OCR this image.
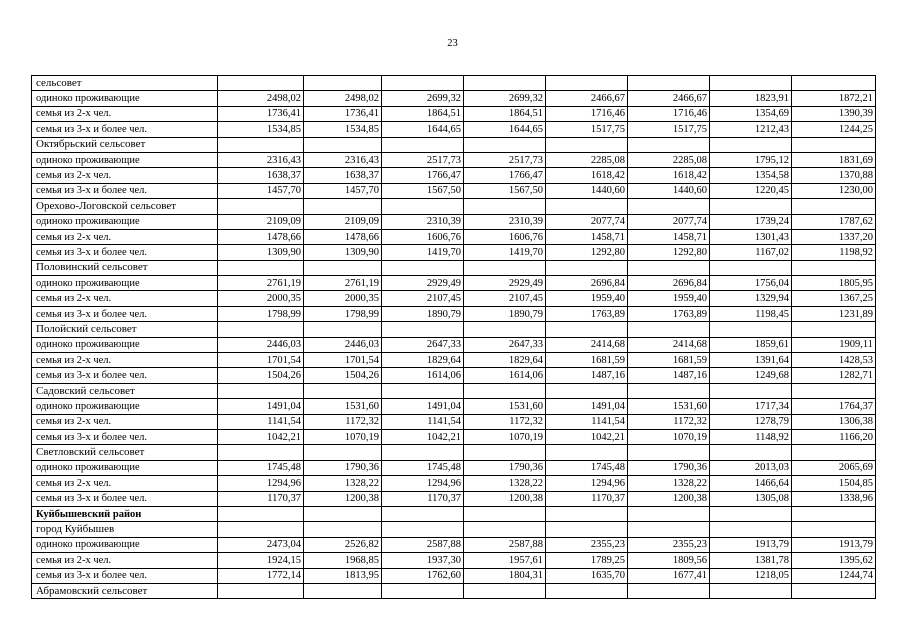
23
сельсовет								
одиноко проживающие	2498,02	2498,02	2699,32	2699,32	2466,67	2466,67	1823,91	1872,21
семья из 2-х чел.	1736,41	1736,41	1864,51	1864,51	1716,46	1716,46	1354,69	1390,39
семья из 3-х и более чел.	1534,85	1534,85	1644,65	1644,65	1517,75	1517,75	1212,43	1244,25
Октябрьский сельсовет								
одиноко проживающие	2316,43	2316,43	2517,73	2517,73	2285,08	2285,08	1795,12	1831,69
семья из 2-х чел.	1638,37	1638,37	1766,47	1766,47	1618,42	1618,42	1354,58	1370,88
семья из 3-х и более чел.	1457,70	1457,70	1567,50	1567,50	1440,60	1440,60	1220,45	1230,00
Орехово-Логовской сельсовет								
одиноко проживающие	2109,09	2109,09	2310,39	2310,39	2077,74	2077,74	1739,24	1787,62
семья из 2-х чел.	1478,66	1478,66	1606,76	1606,76	1458,71	1458,71	1301,43	1337,20
семья из 3-х и более чел.	1309,90	1309,90	1419,70	1419,70	1292,80	1292,80	1167,02	1198,92
Половинский сельсовет								
одиноко проживающие	2761,19	2761,19	2929,49	2929,49	2696,84	2696,84	1756,04	1805,95
семья из 2-х чел.	2000,35	2000,35	2107,45	2107,45	1959,40	1959,40	1329,94	1367,25
семья из 3-х и более чел.	1798,99	1798,99	1890,79	1890,79	1763,89	1763,89	1198,45	1231,89
Полойский сельсовет								
одиноко проживающие	2446,03	2446,03	2647,33	2647,33	2414,68	2414,68	1859,61	1909,11
семья из 2-х чел.	1701,54	1701,54	1829,64	1829,64	1681,59	1681,59	1391,64	1428,53
семья из 3-х и более чел.	1504,26	1504,26	1614,06	1614,06	1487,16	1487,16	1249,68	1282,71
Садовский сельсовет								
одиноко проживающие	1491,04	1531,60	1491,04	1531,60	1491,04	1531,60	1717,34	1764,37
семья из 2-х чел.	1141,54	1172,32	1141,54	1172,32	1141,54	1172,32	1278,79	1306,38
семья из 3-х и более чел.	1042,21	1070,19	1042,21	1070,19	1042,21	1070,19	1148,92	1166,20
Светловский сельсовет								
одиноко проживающие	1745,48	1790,36	1745,48	1790,36	1745,48	1790,36	2013,03	2065,69
семья из 2-х чел.	1294,96	1328,22	1294,96	1328,22	1294,96	1328,22	1466,64	1504,85
семья из 3-х и более чел.	1170,37	1200,38	1170,37	1200,38	1170,37	1200,38	1305,08	1338,96
Куйбышевский район								
город Куйбышев								
одиноко проживающие	2473,04	2526,82	2587,88	2587,88	2355,23	2355,23	1913,79	1913,79
семья из 2-х чел.	1924,15	1968,85	1937,30	1957,61	1789,25	1809,56	1381,78	1395,62
семья из 3-х и более чел.	1772,14	1813,95	1762,60	1804,31	1635,70	1677,41	1218,05	1244,74
Абрамовский сельсовет								
